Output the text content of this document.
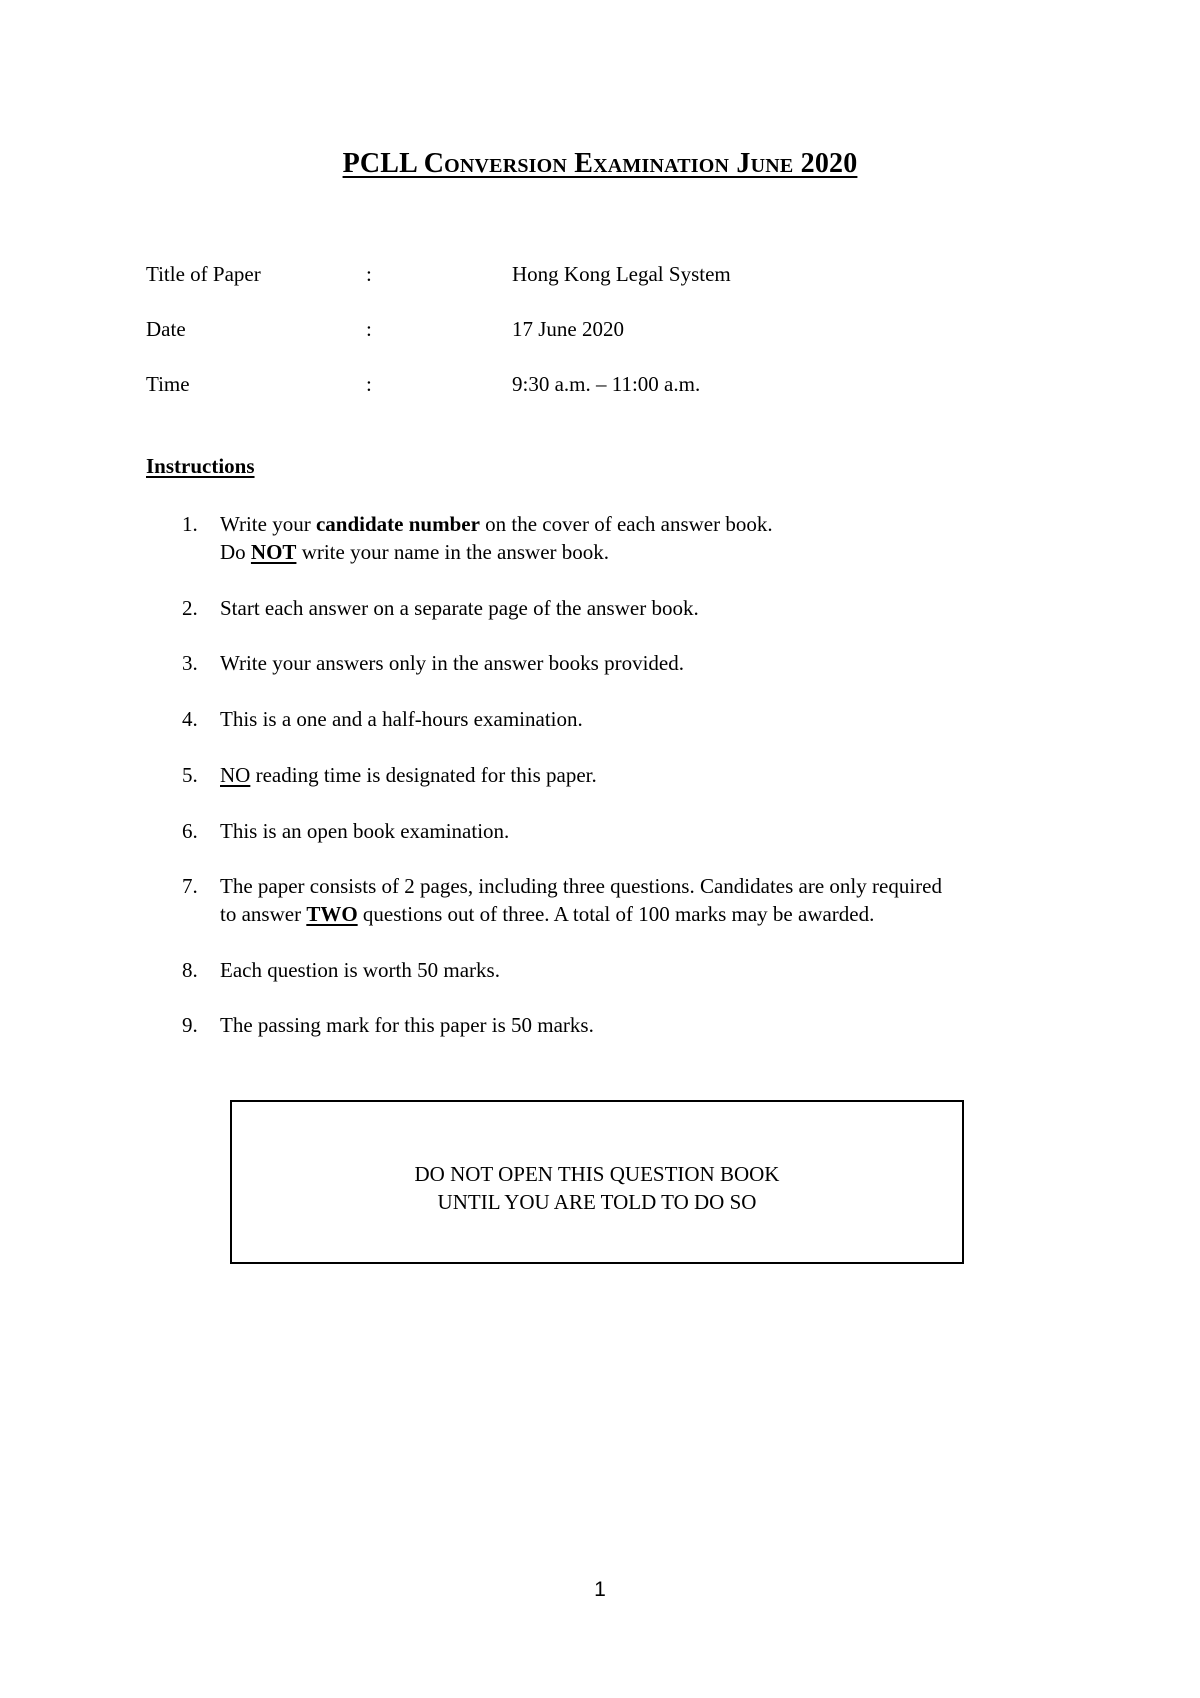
PCLL Conversion Examination June 2020
Title of Paper	:	Hong Kong Legal System
Date	:	17 June 2020
Time	:	9:30 a.m. – 11:00 a.m.
Instructions
1.	Write your candidate number on the cover of each answer book.
Do NOT write your name in the answer book.
2.	Start each answer on a separate page of the answer book.
3.	Write your answers only in the answer books provided.
4.	This is a one and a half-hours examination.
5.	NO reading time is designated for this paper.
6.	This is an open book examination.
7.	The paper consists of 2 pages, including three questions. Candidates are only required
to answer TWO questions out of three. A total of 100 marks may be awarded.
8.	Each question is worth 50 marks.
9.	The passing mark for this paper is 50 marks.
DO NOT OPEN THIS QUESTION BOOK
UNTIL YOU ARE TOLD TO DO SO
1
